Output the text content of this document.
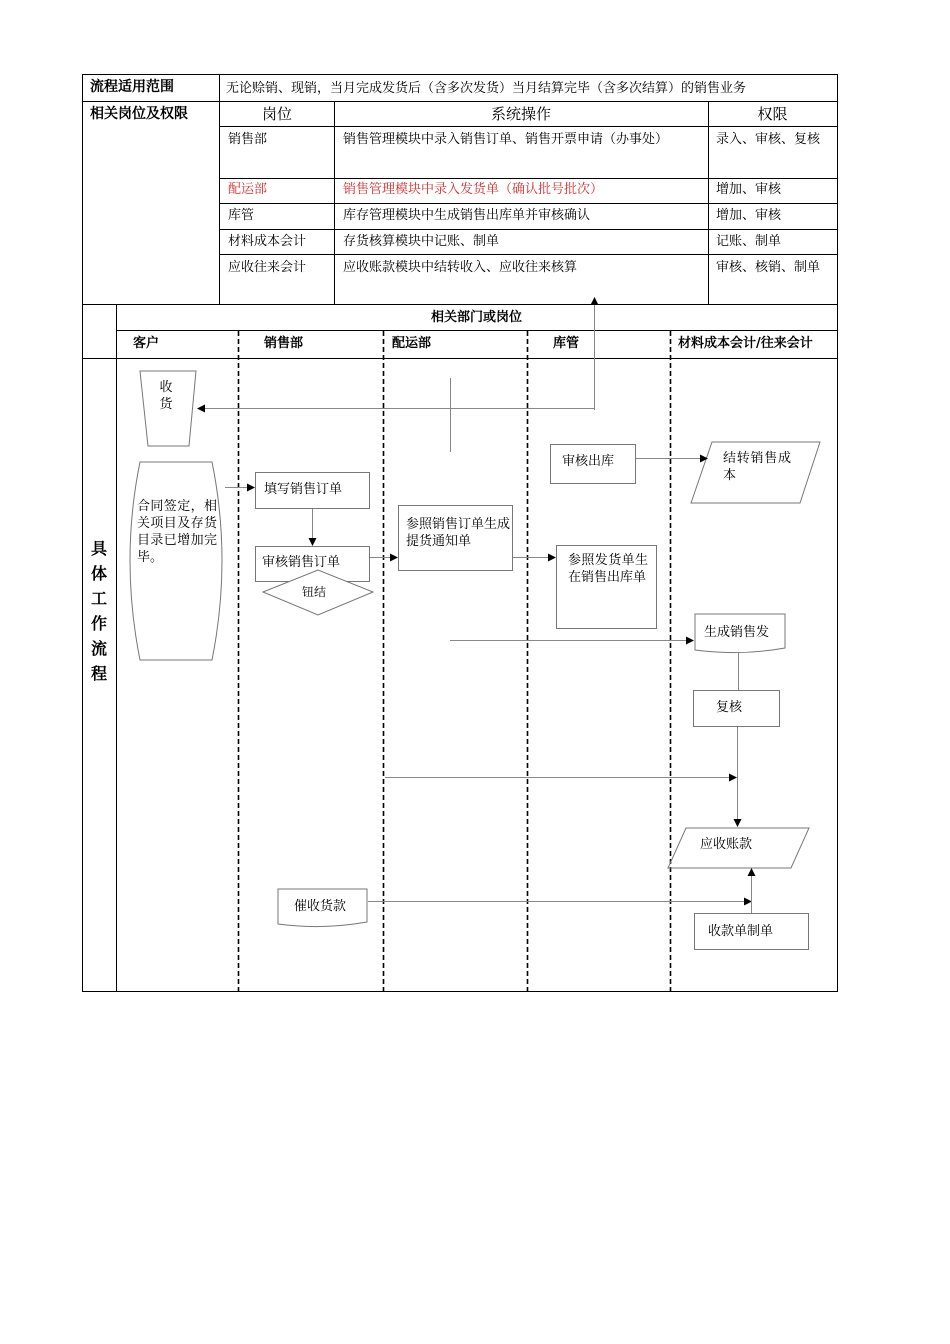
流程适用范围	无论赊销、现销，当月完成发货后（含多次发货）当月结算完毕（含多次结算）的销售业务
相关岗位及权限	岗位	系统操作	权限
销售部	销售管理模块中录入销售订单、销售开票申请（办事处）	录入、审核、复核
配运部	销售管理模块中录入发货单（确认批号批次）	增加、审核
库管	库存管理模块中生成销售出库单并审核确认	增加、审核
材料成本会计	存货核算模块中记账、制单	记账、制单
应收往来会计	应收账款模块中结转收入、应收往来核算	审核、核销、制单
相关部门或岗位
客户	销售部	配运部	库管	材料成本会计/往来会计
具体工作流程
收货
合同签定，相关项目及存货目录已增加完毕。
填写销售订单
审核销售订单
钮结
参照销售订单生成提货通知单
审核出库
参照发货单生在销售出库单
结转销售成本
生成销售发
复核
应收账款
催收货款
收款单制单
